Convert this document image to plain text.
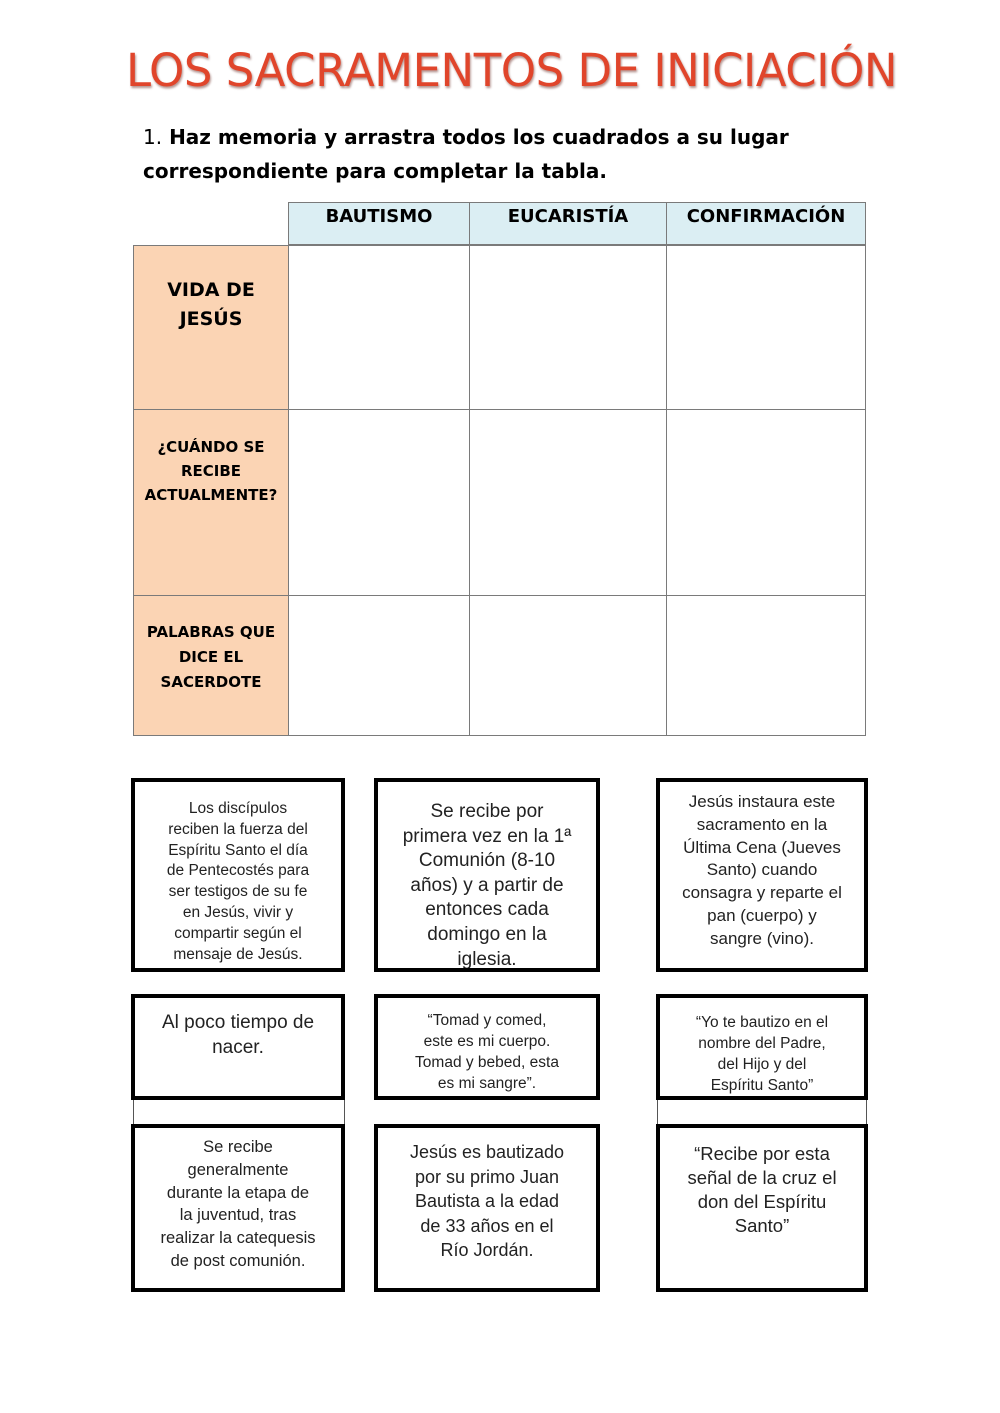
LOS SACRAMENTOS DE INICIACIÓN
1. Haz memoria y arrastra todos los cuadrados a su lugar
correspondiente para completar la tabla.
BAUTISMO	EUCARISTÍA	CONFIRMACIÓN
VIDA DE
JESÚS
¿CUÁNDO SE
RECIBE
ACTUALMENTE?
PALABRAS QUE
DICE EL
SACERDOTE
Los discípulos
reciben la fuerza del
Espíritu Santo el día
de Pentecostés para
ser testigos de su fe
en Jesús, vivir y
compartir según el
mensaje de Jesús.
Se recibe por
primera vez en la 1ª
Comunión (8-10
años) y a partir de
entonces cada
domingo en la
iglesia.
Jesús instaura este
sacramento en la
Última Cena (Jueves
Santo) cuando
consagra y reparte el
pan (cuerpo) y
sangre (vino).
Al poco tiempo de
nacer.
“Tomad y comed,
este es mi cuerpo.
Tomad y bebed, esta
es mi sangre”.
“Yo te bautizo en el
nombre del Padre,
del Hijo y del
Espíritu Santo”
Se recibe
generalmente
durante la etapa de
la juventud, tras
realizar la catequesis
de post comunión.
Jesús es bautizado
por su primo Juan
Bautista a la edad
de 33 años en el
Río Jordán.
“Recibe por esta
señal de la cruz el
don del Espíritu
Santo”
